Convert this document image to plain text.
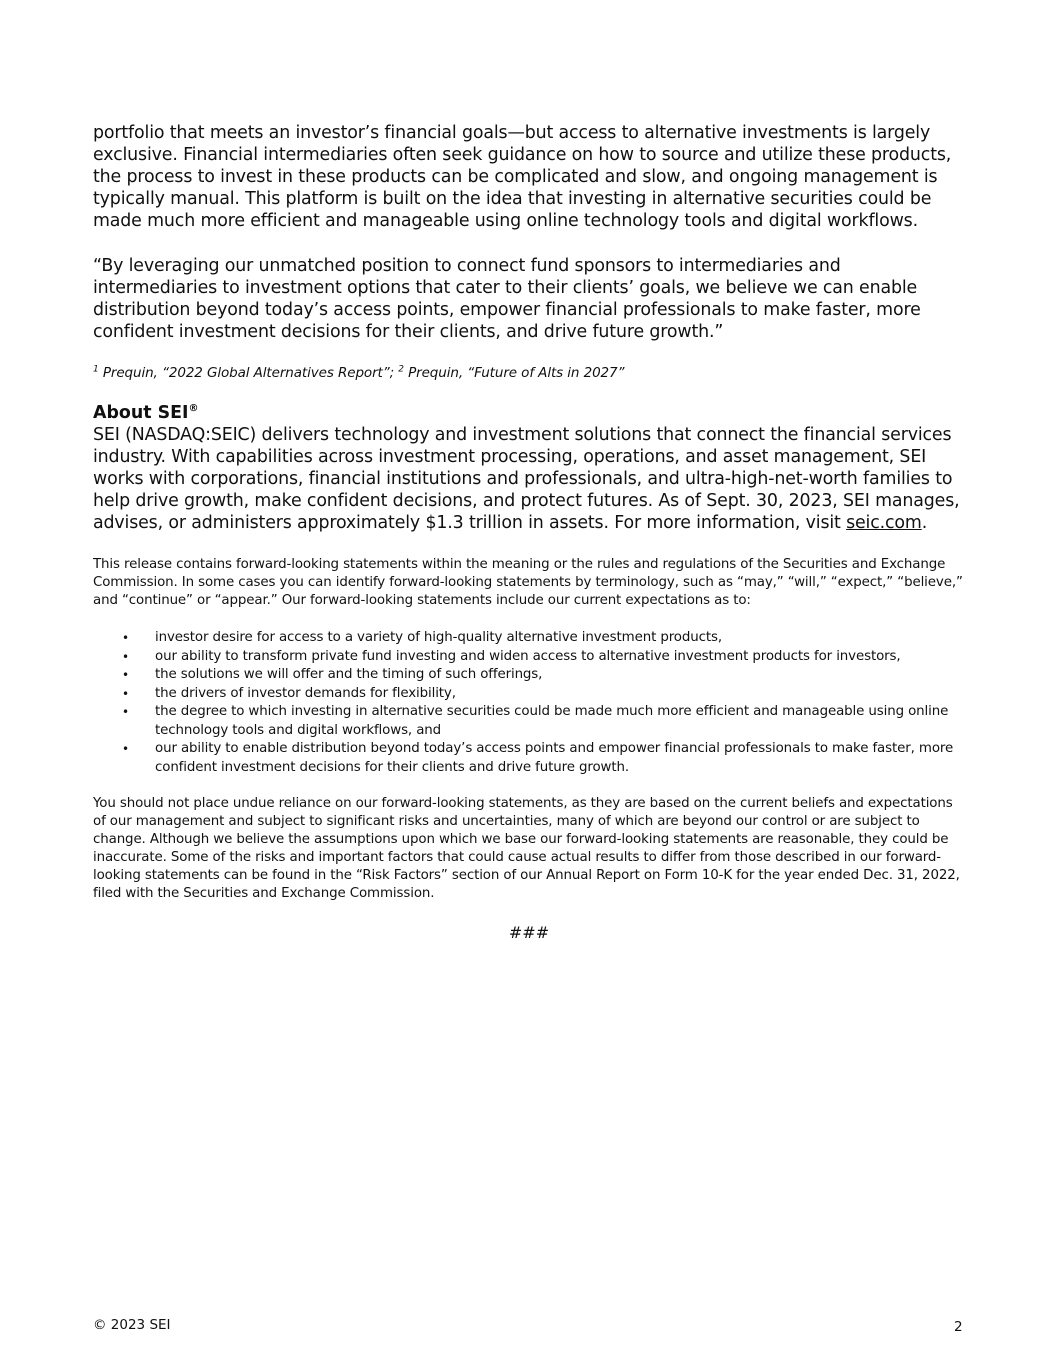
portfolio that meets an investor’s financial goals—but access to alternative investments is largely exclusive. Financial intermediaries often seek guidance on how to source and utilize these products, the process to invest in these products can be complicated and slow, and ongoing management is typically manual. This platform is built on the idea that investing in alternative securities could be made much more efficient and manageable using online technology tools and digital workflows.

“By leveraging our unmatched position to connect fund sponsors to intermediaries and intermediaries to investment options that cater to their clients’ goals, we believe we can enable distribution beyond today’s access points, empower financial professionals to make faster, more confident investment decisions for their clients, and drive future growth.”

$^1$ Prequin, “2022 Global Alternatives Report”; $^2$ Prequin, “Future of Alts in 2027”

About SEI®

SEI (NASDAQ:SEIC) delivers technology and investment solutions that connect the financial services industry. With capabilities across investment processing, operations, and asset management, SEI works with corporations, financial institutions and professionals, and ultra-high-net-worth families to help drive growth, make confident decisions, and protect futures. As of Sept. 30, 2023, SEI manages, advises, or administers approximately $1.3 trillion in assets. For more information, visit seic.com.

This release contains forward-looking statements within the meaning or the rules and regulations of the Securities and Exchange Commission. In some cases you can identify forward-looking statements by terminology, such as “may,” “will,” “expect,” “believe,” and “continue” or “appear.” Our forward-looking statements include our current expectations as to:

• investor desire for access to a variety of high-quality alternative investment products,
• our ability to transform private fund investing and widen access to alternative investment products for investors,
• the solutions we will offer and the timing of such offerings,
• the drivers of investor demands for flexibility,
• the degree to which investing in alternative securities could be made much more efficient and manageable using online technology tools and digital workflows, and
• our ability to enable distribution beyond today’s access points and empower financial professionals to make faster, more confident investment decisions for their clients and drive future growth.

You should not place undue reliance on our forward-looking statements, as they are based on the current beliefs and expectations of our management and subject to significant risks and uncertainties, many of which are beyond our control or are subject to change. Although we believe the assumptions upon which we base our forward-looking statements are reasonable, they could be inaccurate. Some of the risks and important factors that could cause actual results to differ from those described in our forward-looking statements can be found in the “Risk Factors” section of our Annual Report on Form 10-K for the year ended Dec. 31, 2022, filed with the Securities and Exchange Commission.

###
© 2023 SEI	2
